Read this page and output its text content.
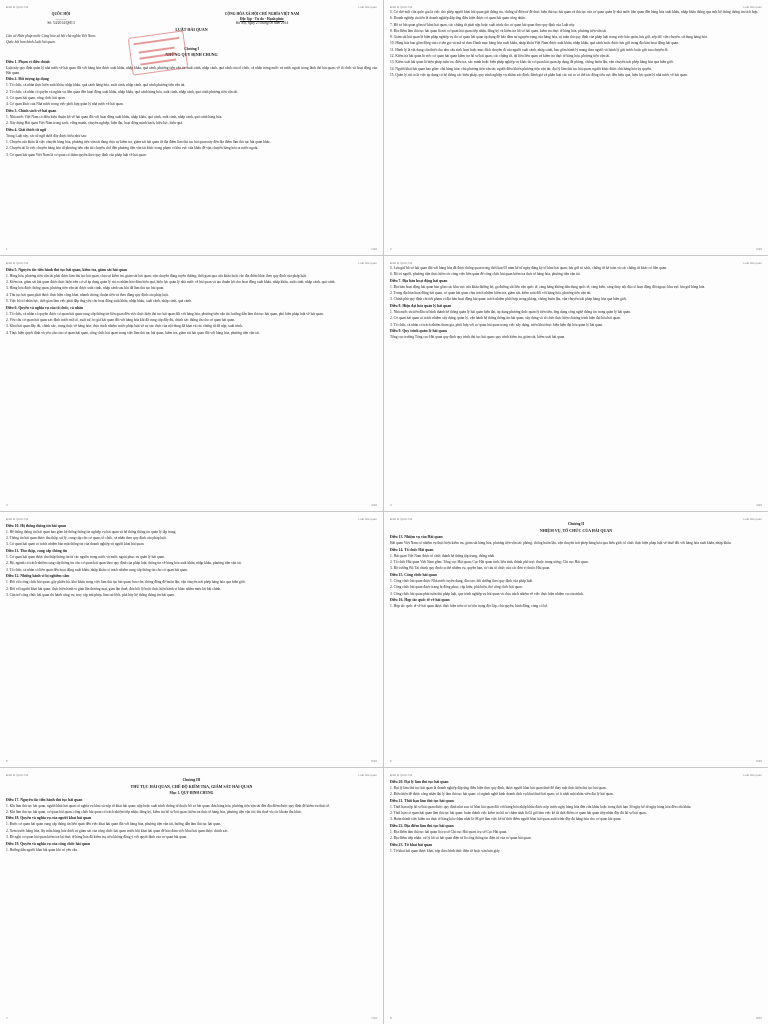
Điều lệ Quốc hội	Luật Hải quan
QUỐC HỘI
———
Số: 54/2014/QH13
CỘNG HÒA XÃ HỘI CHỦ NGHĨA VIỆT NAM
Độc lập - Tự do - Hạnh phúc
Hà Nội, ngày 23 tháng 06 năm 2014
LUẬT HẢI QUAN

Căn cứ Hiến pháp nước Cộng hòa xã hội chủ nghĩa Việt Nam;

Quốc hội ban hành Luật hải quan.

Chương I

NHỮNG QUY ĐỊNH CHUNG
Điều 1. Phạm vi điều chỉnh

Luật này quy định quản lý nhà nước về hải quan đối với hàng hóa được xuất khẩu, nhập khẩu, quá cảnh, phương tiện vận tải xuất cảnh, nhập cảnh, quá cảnh của tổ chức, cá nhân trong nước và nước ngoài trong lãnh thổ hải quan; về tổ chức và hoạt động của Hải quan.

Điều 2. Đối tượng áp dụng

1. Tổ chức, cá nhân thực hiện xuất khẩu, nhập khẩu, quá cảnh hàng hóa, xuất cảnh, nhập cảnh, quá cảnh phương tiện vận tải.

2. Tổ chức, cá nhân có quyền và nghĩa vụ liên quan đến hoạt động xuất khẩu, nhập khẩu, quá cảnh hàng hóa, xuất cảnh, nhập cảnh, quá cảnh phương tiện vận tải.

3. Cơ quan hải quan, công chức hải quan.

4. Cơ quan khác của Nhà nước trong việc phối hợp quản lý nhà nước về hải quan.

Điều 3. Chính sách về hải quan

1. Nhà nước Việt Nam có điều kiện thuận lợi về hải quan đối với hoạt động xuất khẩu, nhập khẩu, quá cảnh, xuất cảnh, nhập cảnh, quá cảnh hàng hóa.

2. Xây dựng Hải quan Việt Nam trong sạch, vững mạnh, chuyên nghiệp, hiện đại, hoạt động minh bạch, hiệu lực, hiệu quả.

Điều 4. Giải thích từ ngữ

Trong Luật này, các từ ngữ dưới đây được hiểu như sau:

1. Chuyển cửa khẩu là việc chuyển hàng hóa, phương tiện vận tải đang chịu sự kiểm tra, giám sát hải quan từ địa điểm làm thủ tục hải quan này đến địa điểm làm thủ tục hải quan khác.

2. Chuyển tải là việc chuyển hàng hóa từ phương tiện vận tải chuyên chở đến phương tiện vận tải khác trong phạm vi khu vực cửa khẩu để vận chuyển hàng hóa ra nước ngoài.

3. Cơ quan hải quan Việt Nam là cơ quan có thẩm quyền theo quy định của pháp luật về hải quan.

1	1/20
Điều lệ Quốc hội	Luật Hải quan

5. Cơ chế một cửa quốc gia là việc cho phép người khai hải quan gửi thông tin, chứng từ điện tử để thực hiện thủ tục hải quan và thủ tục của cơ quan quản lý nhà nước liên quan đến hàng hóa xuất khẩu, nhập khẩu thông qua một hệ thống thông tin tích hợp.

6. Doanh nghiệp ưu tiên là doanh nghiệp đáp ứng điều kiện được cơ quan hải quan công nhận.

7. Hồ sơ hải quan gồm tờ khai hải quan, các chứng từ phải nộp hoặc xuất trình cho cơ quan hải quan theo quy định của Luật này.

8. Địa điểm làm thủ tục hải quan là nơi cơ quan hải quan tiếp nhận, đăng ký và kiểm tra hồ sơ hải quan, kiểm tra thực tế hàng hóa, phương tiện vận tải.

9. Giám sát hải quan là biện pháp nghiệp vụ do cơ quan hải quan áp dụng để bảo đảm sự nguyên trạng của hàng hóa, sự tuân thủ quy định của pháp luật trong việc bảo quản, lưu giữ, xếp dỡ, vận chuyển, sử dụng hàng hóa.

10. Hàng hóa bao gồm động sản có tên gọi và mã số theo Danh mục hàng hóa xuất khẩu, nhập khẩu Việt Nam được xuất khẩu, nhập khẩu, quá cảnh hoặc được lưu giữ trong địa bàn hoạt động hải quan.

11. Hành lý là vật dụng cần thiết cho nhu cầu sinh hoạt hoặc mục đích chuyến đi của người xuất cảnh, nhập cảnh, bao gồm hành lý mang theo người và hành lý gửi trước hoặc gửi sau chuyến đi.

12. Kiểm tra hải quan là việc cơ quan hải quan kiểm tra hồ sơ hải quan, các chứng từ, tài liệu liên quan và kiểm tra thực tế hàng hóa, phương tiện vận tải.

13. Kiểm soát hải quan là biện pháp tuần tra, điều tra, xác minh hoặc biện pháp nghiệp vụ khác do cơ quan hải quan áp dụng để phòng, chống buôn lậu, vận chuyển trái phép hàng hóa qua biên giới.

14. Người khai hải quan bao gồm: chủ hàng hóa; chủ phương tiện vận tải; người điều khiển phương tiện vận tải; đại lý làm thủ tục hải quan; người khác được chủ hàng hóa ủy quyền.

15. Quản lý rủi ro là việc áp dụng có hệ thống các biện pháp, quy trình nghiệp vụ nhằm xác định, đánh giá và phân loại các rủi ro có thể tác động tiêu cực đến hiệu quả, hiệu lực quản lý nhà nước về hải quan.

2	2/20
Điều lệ Quốc hội	Luật Hải quan
Điều 5. Nguyên tắc tiến hành thủ tục hải quan, kiểm tra, giám sát hải quan

1. Hàng hóa, phương tiện vận tải phải được làm thủ tục hải quan, chịu sự kiểm tra, giám sát hải quan; vận chuyển đúng tuyến đường, thời gian qua cửa khẩu hoặc các địa điểm khác theo quy định của pháp luật.

2. Kiểm tra, giám sát hải quan được thực hiện trên cơ sở áp dụng quản lý rủi ro nhằm bảo đảm hiệu quả, hiệu lực quản lý nhà nước về hải quan và tạo thuận lợi cho hoạt động xuất khẩu, nhập khẩu, xuất cảnh, nhập cảnh, quá cảnh.

3. Hàng hóa được thông quan, phương tiện vận tải được xuất cảnh, nhập cảnh sau khi đã làm thủ tục hải quan.

4. Thủ tục hải quan phải được thực hiện công khai, nhanh chóng, thuận tiện và theo đúng quy định của pháp luật.

5. Việc bố trí nhân lực, thời gian làm việc phải đáp ứng yêu cầu hoạt động xuất khẩu, nhập khẩu, xuất cảnh, nhập cảnh, quá cảnh.

Điều 6. Quyền và nghĩa vụ của tổ chức, cá nhân

1. Tổ chức, cá nhân có quyền được cơ quan hải quan cung cấp thông tin liên quan đến việc thực hiện thủ tục hải quan đối với hàng hóa, phương tiện vận tải; hướng dẫn làm thủ tục hải quan, phổ biến pháp luật về hải quan.

2. Yêu cầu cơ quan hải quan xác định trước mã số, xuất xứ, trị giá hải quan đối với hàng hóa khi đã cung cấp đầy đủ, chính xác thông tin cho cơ quan hải quan.

3. Khai hải quan đầy đủ, chính xác, trung thực về hàng hóa; chịu trách nhiệm trước pháp luật về sự xác thực của nội dung đã khai và các chứng từ đã nộp, xuất trình.

4. Thực hiện quyết định và yêu cầu của cơ quan hải quan, công chức hải quan trong việc làm thủ tục hải quan, kiểm tra, giám sát hải quan đối với hàng hóa, phương tiện vận tải.

3	3/20
Điều lệ Quốc hội	Luật Hải quan

5. Lưu giữ hồ sơ hải quan đối với hàng hóa đã được thông quan trong thời hạn 05 năm kể từ ngày đăng ký tờ khai hải quan; lưu giữ sổ sách, chứng từ kế toán và các chứng từ khác có liên quan.

6. Bố trí người, phương tiện thực hiện các công việc liên quan để công chức hải quan kiểm tra thực tế hàng hóa, phương tiện vận tải.

Điều 7. Địa bàn hoạt động hải quan

1. Địa bàn hoạt động hải quan bao gồm các khu vực cửa khẩu đường bộ, ga đường sắt liên vận quốc tế, cảng hàng không dân dụng quốc tế; cảng biển, cảng thủy nội địa có hoạt động đối ngoại; khu vực lưu giữ hàng hóa.

2. Trong địa bàn hoạt động hải quan, cơ quan hải quan chịu trách nhiệm kiểm tra, giám sát, kiểm soát đối với hàng hóa, phương tiện vận tải.

3. Chính phủ quy định chi tiết phạm vi địa bàn hoạt động hải quan; trách nhiệm phối hợp trong phòng, chống buôn lậu, vận chuyển trái phép hàng hóa qua biên giới.

Điều 8. Hiện đại hóa quản lý hải quan

1. Nhà nước ưu tiên đầu tư hình thành hệ thống quản lý hải quan hiện đại, áp dụng phương thức quản lý tiên tiến, ứng dụng công nghệ thông tin trong quản lý hải quan.

2. Cơ quan hải quan có trách nhiệm xây dựng, quản lý, vận hành hệ thống thông tin hải quan; xây dựng và tổ chức thực hiện chương trình hiện đại hóa hải quan.

3. Tổ chức, cá nhân có trách nhiệm tham gia, phối hợp với cơ quan hải quan trong việc xây dựng, triển khai thực hiện hiện đại hóa quản lý hải quan.

Điều 9. Quy trình quản lý hải quan

Tổng cục trưởng Tổng cục Hải quan quy định quy trình thủ tục hải quan; quy trình kiểm tra, giám sát, kiểm soát hải quan.

4	4/20
Điều lệ Quốc hội	Luật Hải quan
Điều 10. Hệ thống thông tin hải quan

1. Hệ thống thông tin hải quan bao gồm hệ thống thông tin nghiệp vụ hải quan và hệ thống thông tin quản lý tập trung.

2. Thông tin hải quan được thu thập, xử lý, cung cấp cho cơ quan, tổ chức, cá nhân theo quy định của pháp luật.

3. Cơ quan hải quan có trách nhiệm bảo mật thông tin của doanh nghiệp và người khai hải quan.

Điều 11. Thu thập, cung cấp thông tin

1. Cơ quan hải quan được thu thập thông tin từ các nguồn trong nước và nước ngoài phục vụ quản lý hải quan.

2. Bộ, ngành có trách nhiệm cung cấp thông tin cho cơ quan hải quan theo quy định của pháp luật; thông tin về hàng hóa xuất khẩu, nhập khẩu, phương tiện vận tải.

3. Tổ chức, cá nhân có liên quan đến hoạt động xuất khẩu, nhập khẩu có trách nhiệm cung cấp thông tin cho cơ quan hải quan.

Điều 12. Những hành vi bị nghiêm cấm

1. Đối với công chức hải quan: gây phiền hà, khó khăn trong việc làm thủ tục hải quan; bao che, thông đồng để buôn lậu, vận chuyển trái phép hàng hóa qua biên giới.

2. Đối với người khai hải quan: thực hiện hành vi gian lận thương mại, gian lận thuế; đưa hối lộ hoặc thực hiện hành vi khác nhằm mưu lợi bất chính.

3. Cản trở công chức hải quan thi hành công vụ; truy cập trái phép, làm sai lệch, phá hủy hệ thống thông tin hải quan.

5	5/20
Điều lệ Quốc hội	Luật Hải quan

Chương II

NHIỆM VỤ, TỔ CHỨC CỦA HẢI QUAN
Điều 13. Nhiệm vụ của Hải quan

Hải quan Việt Nam có nhiệm vụ thực hiện kiểm tra, giám sát hàng hóa, phương tiện vận tải; phòng, chống buôn lậu, vận chuyển trái phép hàng hóa qua biên giới; tổ chức thực hiện pháp luật về thuế đối với hàng hóa xuất khẩu, nhập khẩu.

Điều 14. Tổ chức Hải quan

1. Hải quan Việt Nam được tổ chức thành hệ thống tập trung, thống nhất.

2. Tổ chức Hải quan Việt Nam gồm: Tổng cục Hải quan; Cục Hải quan tỉnh, liên tỉnh, thành phố trực thuộc trung ương; Chi cục Hải quan.

3. Bộ trưởng Bộ Tài chính quy định cụ thể nhiệm vụ, quyền hạn, cơ cấu tổ chức của các đơn vị thuộc Hải quan.

Điều 15. Công chức hải quan

1. Công chức hải quan được Nhà nước tuyển dụng, đào tạo, bồi dưỡng theo quy định của pháp luật.

2. Công chức hải quan được trang bị đồng phục, cấp hiệu, phù hiệu, thẻ công chức hải quan.

3. Công chức hải quan phải tuân thủ pháp luật, quy trình nghiệp vụ hải quan và chịu trách nhiệm về việc thực hiện nhiệm vụ của mình.

Điều 16. Hợp tác quốc tế về hải quan

1. Hợp tác quốc tế về hải quan được thực hiện trên cơ sở tôn trọng độc lập, chủ quyền, bình đẳng, cùng có lợi.

6	6/20
Điều lệ Quốc hội	Luật Hải quan

Chương III

THỦ TỤC HẢI QUAN, CHẾ ĐỘ KIỂM TRA, GIÁM SÁT HẢI QUAN

Mục 1. QUY ĐỊNH CHUNG

Điều 17. Nguyên tắc tiến hành thủ tục hải quan

1. Khi làm thủ tục hải quan, người khai hải quan có nghĩa vụ khai và nộp tờ khai hải quan; nộp hoặc xuất trình chứng từ thuộc hồ sơ hải quan; đưa hàng hóa, phương tiện vận tải đến địa điểm được quy định để kiểm tra thực tế.

2. Khi làm thủ tục hải quan, cơ quan hải quan, công chức hải quan có trách nhiệm tiếp nhận, đăng ký, kiểm tra hồ sơ hải quan; kiểm tra thực tế hàng hóa, phương tiện vận tải; thu thuế và các khoản thu khác.

Điều 18. Quyền và nghĩa vụ của người khai hải quan

1. Được cơ quan hải quan cung cấp thông tin liên quan đến việc khai hải quan đối với hàng hóa, phương tiện vận tải, hướng dẫn làm thủ tục hải quan.

2. Xem trước hàng hóa, lấy mẫu hàng hóa dưới sự giám sát của công chức hải quan trước khi khai hải quan để bảo đảm việc khai hải quan được chính xác.

3. Đề nghị cơ quan hải quan kiểm tra lại thực tế hàng hóa đã kiểm tra, nếu không đồng ý với quyết định của cơ quan hải quan.

Điều 19. Quyền và nghĩa vụ của công chức hải quan

1. Hướng dẫn người khai hải quan khi có yêu cầu.

7	7/20
Điều lệ Quốc hội	Luật Hải quan
Điều 20. Đại lý làm thủ tục hải quan

1. Đại lý làm thủ tục hải quan là doanh nghiệp đáp ứng điều kiện theo quy định, được người khai hải quan thuê để thay mặt thực hiện thủ tục hải quan.

2. Điều kiện để được công nhận đại lý làm thủ tục hải quan: có ngành nghề kinh doanh dịch vụ khai thuê hải quan; có ít nhất một nhân viên đại lý hải quan.

Điều 21. Thời hạn làm thủ tục hải quan

1. Thời hạn nộp hồ sơ hải quan được quy định như sau: tờ khai hải quan đối với hàng hóa nhập khẩu được nộp trước ngày hàng hóa đến cửa khẩu hoặc trong thời hạn 30 ngày kể từ ngày hàng hóa đến cửa khẩu.

2. Thời hạn cơ quan hải quan làm thủ tục hải quan: hoàn thành việc kiểm tra hồ sơ chậm nhất là 02 giờ làm việc kể từ thời điểm cơ quan hải quan tiếp nhận đầy đủ hồ sơ hải quan.

3. Hoàn thành việc kiểm tra thực tế hàng hóa chậm nhất là 08 giờ làm việc kể từ thời điểm người khai hải quan xuất trình đầy đủ hàng hóa cho cơ quan hải quan.

Điều 22. Địa điểm làm thủ tục hải quan

1. Địa điểm làm thủ tục hải quan là trụ sở Chi cục Hải quan, trụ sở Cục Hải quan.

2. Địa điểm tiếp nhận, xử lý hồ sơ hải quan điện tử là cổng thông tin điện tử của cơ quan hải quan.

Điều 23. Tờ khai hải quan

1. Tờ khai hải quan được khai, nộp theo hình thức điện tử hoặc văn bản giấy.

8	8/20
